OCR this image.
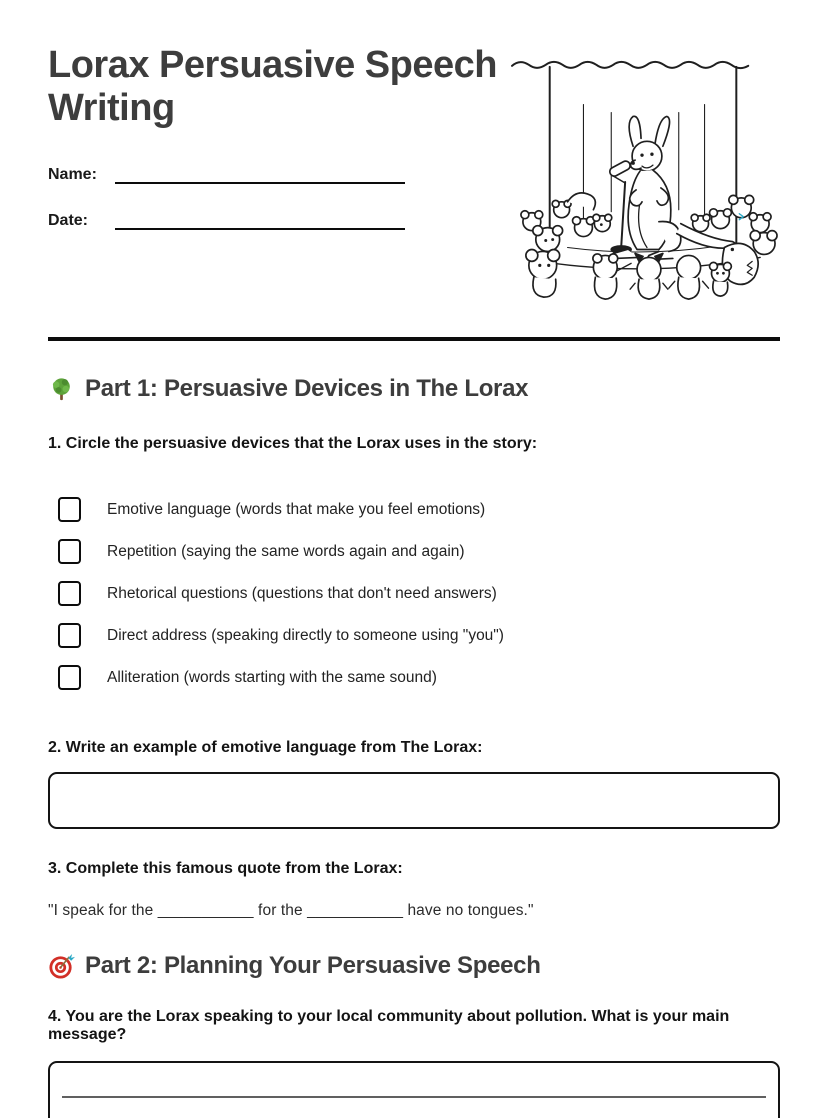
Lorax Persuasive Speech Writing
Name:
Date:
Part 1: Persuasive Devices in The Lorax

1. Circle the persuasive devices that the Lorax uses in the story:

Emotive language (words that make you feel emotions)
Repetition (saying the same words again and again)
Rhetorical questions (questions that don't need answers)
Direct address (speaking directly to someone using "you")
Alliteration (words starting with the same sound)

2. Write an example of emotive language from The Lorax:

3. Complete this famous quote from the Lorax:

"I speak for the ___________ for the ___________ have no tongues."

Part 2: Planning Your Persuasive Speech

4. You are the Lorax speaking to your local community about pollution. What is your main message?
